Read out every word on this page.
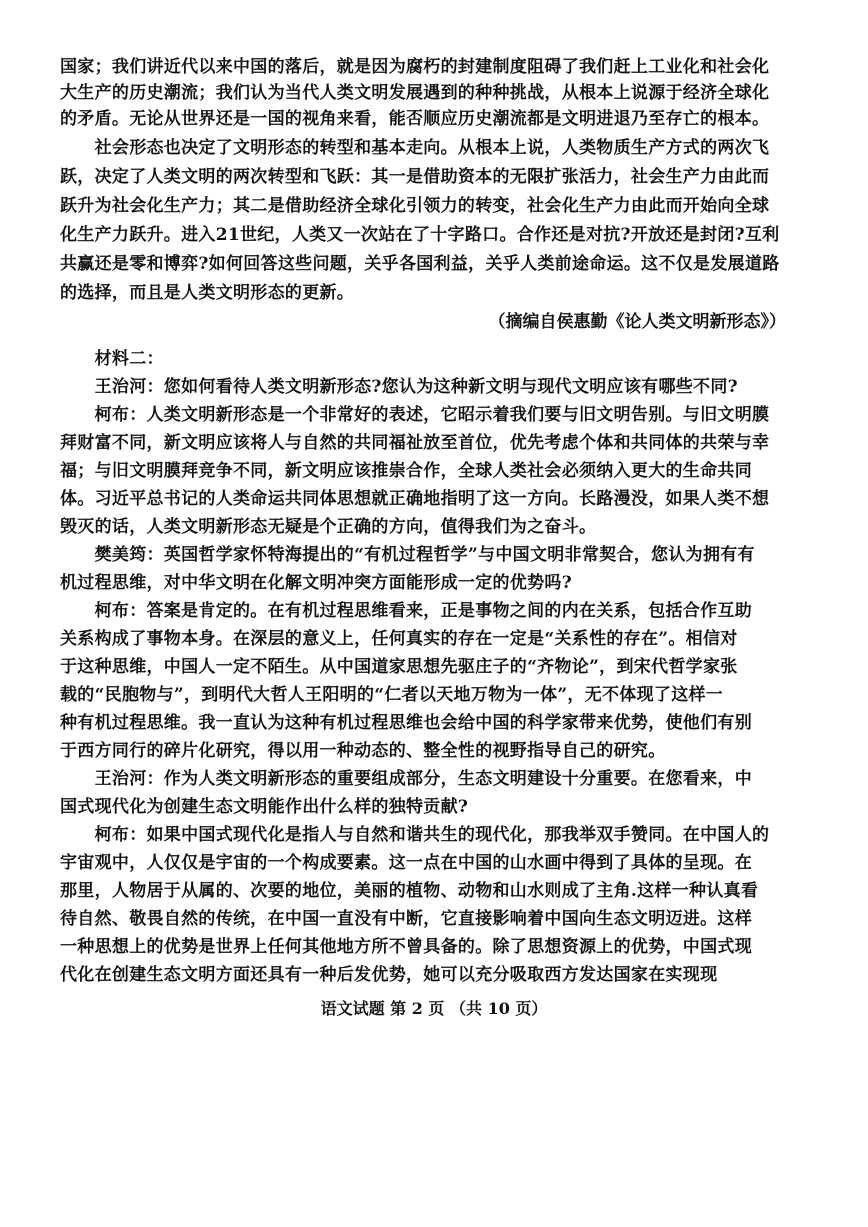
国家；我们讲近代以来中国的落后，就是因为腐朽的封建制度阻碍了我们赶上工业化和社会化
大生产的历史潮流；我们认为当代人类文明发展遇到的种种挑战，从根本上说源于经济全球化
的矛盾。无论从世界还是一国的视角来看，能否顺应历史潮流都是文明进退乃至存亡的根本。
　　社会形态也决定了文明形态的转型和基本走向。从根本上说，人类物质生产方式的两次飞
跃，决定了人类文明的两次转型和飞跃：其一是借助资本的无限扩张活力，社会生产力由此而
跃升为社会化生产力；其二是借助经济全球化引领力的转变，社会化生产力由此而开始向全球
化生产力跃升。进入21世纪，人类又一次站在了十字路口。合作还是对抗?开放还是封闭?互利
共赢还是零和博弈?如何回答这些问题，关乎各国利益，关乎人类前途命运。这不仅是发展道路
的选择，而且是人类文明形态的更新。
（摘编自侯惠勤《论人类文明新形态》）
　　材料二：
　　王治河：您如何看待人类文明新形态?您认为这种新文明与现代文明应该有哪些不同?
　　柯布：人类文明新形态是一个非常好的表述，它昭示着我们要与旧文明告别。与旧文明膜
拜财富不同，新文明应该将人与自然的共同福祉放至首位，优先考虑个体和共同体的共荣与幸
福；与旧文明膜拜竞争不同，新文明应该推崇合作，全球人类社会必须纳入更大的生命共同
体。习近平总书记的人类命运共同体思想就正确地指明了这一方向。长路漫没，如果人类不想
毁灭的话，人类文明新形态无疑是个正确的方向，值得我们为之奋斗。
　　樊美筠：英国哲学家怀特海提出的“有机过程哲学”与中国文明非常契合，您认为拥有有
机过程思维，对中华文明在化解文明冲突方面能形成一定的优势吗?
　　柯布：答案是肯定的。在有机过程思维看来，正是事物之间的内在关系，包括合作互助
关系构成了事物本身。在深层的意义上，任何真实的存在一定是“关系性的存在”。相信对
于这种思维，中国人一定不陌生。从中国道家思想先驱庄子的“齐物论”，到宋代哲学家张
载的“民胞物与”，到明代大哲人王阳明的“仁者以天地万物为一体”，无不体现了这样一
种有机过程思维。我一直认为这种有机过程思维也会给中国的科学家带来优势，使他们有别
于西方同行的碎片化研究，得以用一种动态的、整全性的视野指导自己的研究。
　　王治河：作为人类文明新形态的重要组成部分，生态文明建设十分重要。在您看来，中
国式现代化为创建生态文明能作出什么样的独特贡献?
　　柯布：如果中国式现代化是指人与自然和谐共生的现代化，那我举双手赞同。在中国人的
宇宙观中，人仅仅是宇宙的一个构成要素。这一点在中国的山水画中得到了具体的呈现。在
那里，人物居于从属的、次要的地位，美丽的植物、动物和山水则成了主角.这样一种认真看
待自然、敬畏自然的传统，在中国一直没有中断，它直接影响着中国向生态文明迈进。这样
一种思想上的优势是世界上任何其他地方所不曾具备的。除了思想资源上的优势，中国式现
代化在创建生态文明方面还具有一种后发优势，她可以充分吸取西方发达国家在实现现
语文试题 第 2 页 （共 10 页）
